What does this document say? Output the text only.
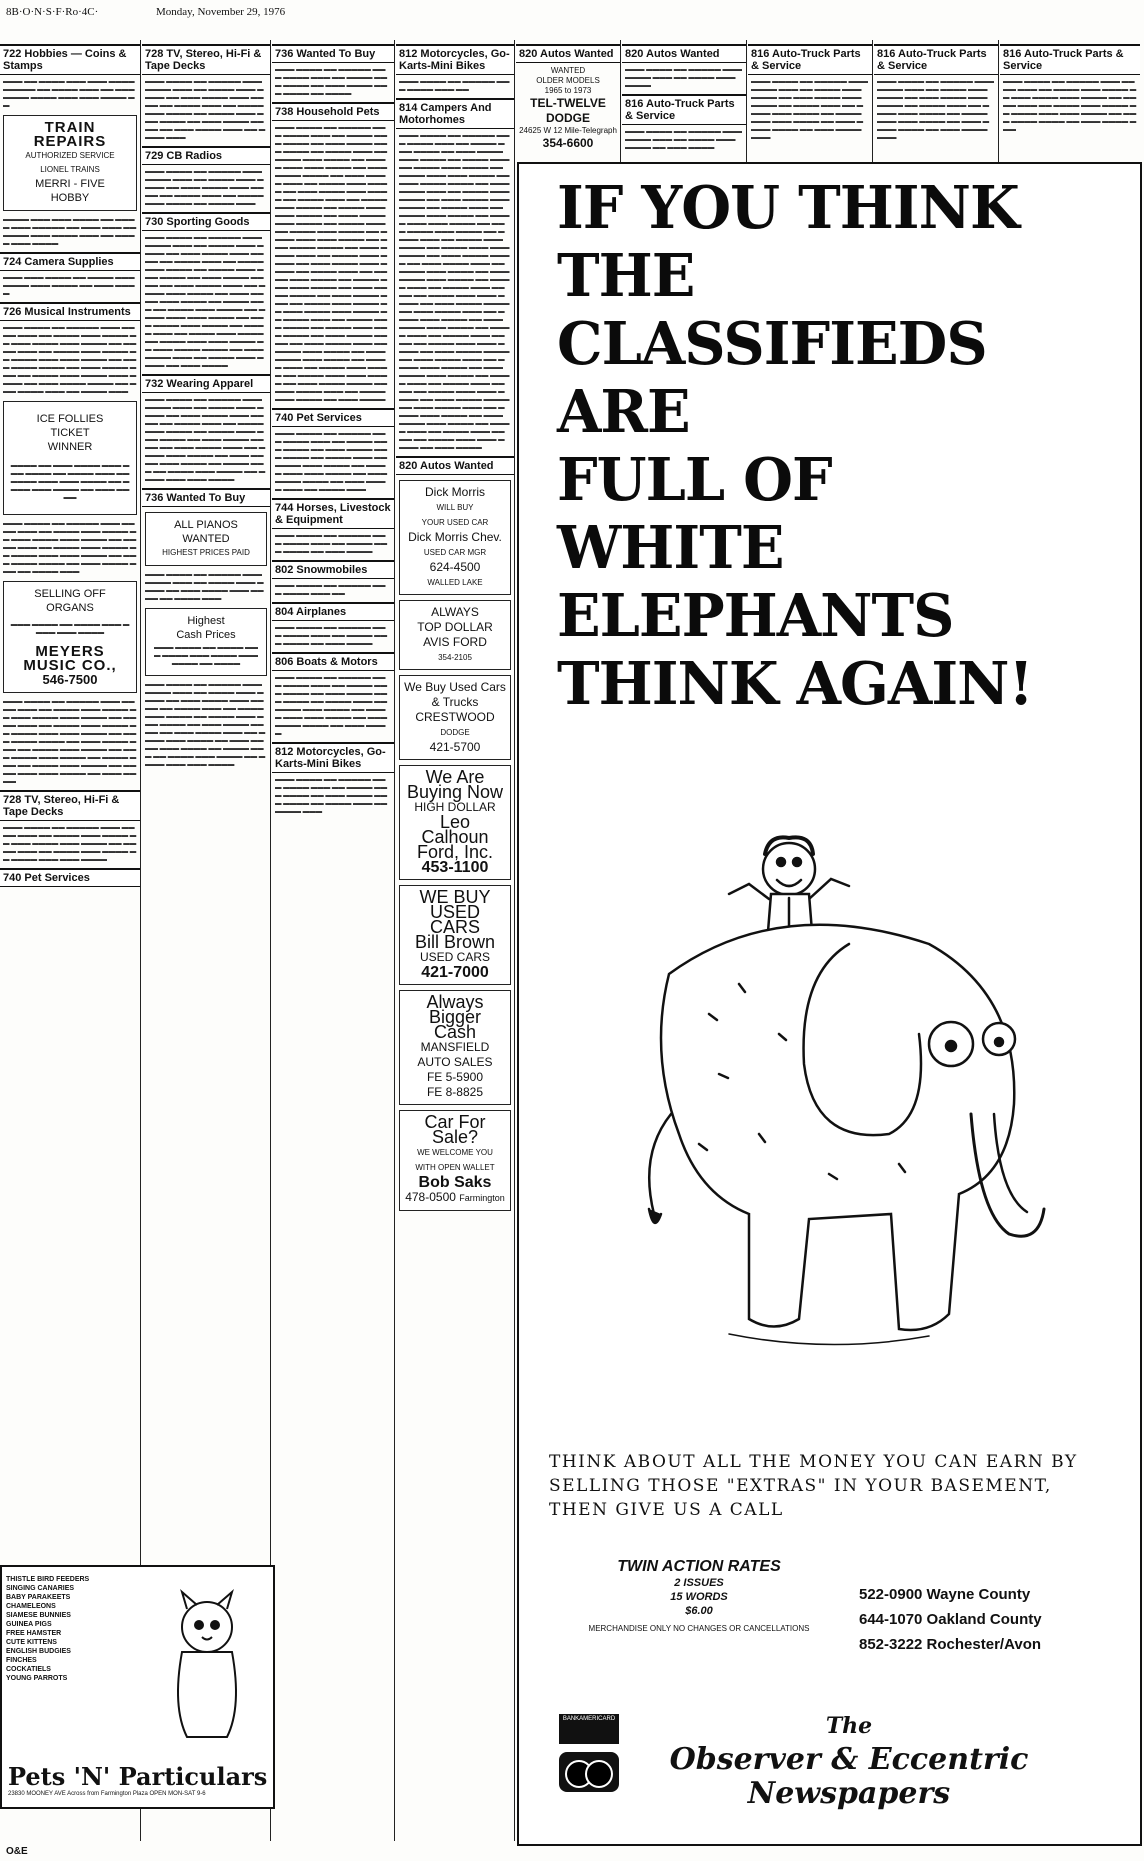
8B·O·N·S·F·Ro·4C·	Monday, November 29, 1976
722 Hobbies — Coins & Stamps
▬▬▬ ▬▬ ▬▬▬▬ ▬▬▬ ▬▬▬ ▬▬▬▬ ▬▬▬▬▬ ▬▬ ▬▬▬▬ ▬▬▬ ▬▬ ▬▬▬ ▬▬▬▬ ▬▬▬▬ ▬▬▬ ▬▬▬ ▬▬▬▬ ▬▬
TRAIN
REPAIRS
AUTHORIZED SERVICE
LIONEL TRAINS
MERRI - FIVE
HOBBY
▬▬▬▬ ▬▬▬ ▬▬▬ ▬▬▬▬ ▬▬ ▬▬▬▬ ▬▬▬ ▬▬▬▬▬ ▬▬ ▬▬▬ ▬▬▬ ▬▬ ▬▬▬▬ ▬▬▬ ▬▬▬▬ ▬▬▬ ▬▬ ▬▬▬▬ ▬▬▬ ▬▬▬▬
724 Camera Supplies
▬▬▬ ▬▬▬ ▬▬▬▬ ▬▬ ▬▬▬▬ ▬▬▬ ▬▬▬▬ ▬▬▬ ▬▬▬▬ ▬▬ ▬▬▬ ▬▬▬▬
726 Musical Instruments
▬▬▬ ▬▬▬▬ ▬▬ ▬▬▬▬▬ ▬▬▬ ▬▬▬▬ ▬▬▬ ▬▬ ▬▬▬▬ ▬▬▬ ▬▬▬▬ ▬▬ ▬▬▬ ▬▬▬▬ ▬▬▬ ▬▬▬▬ ▬▬ ▬▬▬▬ ▬▬▬ ▬▬ ▬▬▬▬ ▬▬▬ ▬▬▬▬ ▬▬ ▬▬▬▬ ▬▬▬ ▬▬▬ ▬▬▬▬ ▬▬ ▬▬▬ ▬▬▬▬ ▬▬▬▬ ▬▬ ▬▬▬ ▬▬▬▬ ▬▬▬ ▬▬ ▬▬▬▬ ▬▬▬ ▬▬▬▬ ▬▬▬ ▬▬▬▬ ▬▬ ▬▬▬ ▬▬▬▬ ▬▬▬▬ ▬▬ ▬▬▬ ▬▬▬▬ ▬▬▬ ▬▬ ▬▬▬▬ ▬▬▬
ICE FOLLIES
TICKET
WINNER
▬▬▬▬ ▬▬ ▬▬▬ ▬▬▬▬ ▬▬▬ ▬▬▬ ▬▬▬▬ ▬▬ ▬▬▬▬ ▬▬▬ ▬▬ ▬▬▬▬ ▬▬▬ ▬▬▬ ▬▬▬▬ ▬▬ ▬▬▬▬ ▬▬▬ ▬▬▬▬ ▬▬ ▬▬▬ ▬▬▬▬
▬▬▬ ▬▬▬▬ ▬▬ ▬▬▬▬▬ ▬▬▬ ▬▬▬▬ ▬▬▬ ▬▬ ▬▬▬▬ ▬▬▬ ▬▬▬▬ ▬▬ ▬▬▬ ▬▬▬▬ ▬▬▬ ▬▬▬▬ ▬▬ ▬▬▬▬ ▬▬▬ ▬▬ ▬▬▬▬ ▬▬▬ ▬▬▬▬ ▬▬ ▬▬▬▬ ▬▬▬ ▬▬▬ ▬▬▬▬ ▬▬ ▬▬▬ ▬▬▬▬ ▬▬▬▬ ▬▬ ▬▬▬ ▬▬▬▬ ▬▬▬ ▬▬ ▬▬▬▬ ▬▬▬
SELLING OFF
ORGANS
▬▬▬ ▬▬▬▬ ▬▬ ▬▬▬▬ ▬▬▬ ▬▬▬▬ ▬▬▬ ▬▬▬▬
MEYERS
MUSIC CO.,
546-7500
▬▬▬ ▬▬▬▬ ▬▬ ▬▬▬▬▬ ▬▬▬ ▬▬▬▬ ▬▬▬ ▬▬ ▬▬▬▬ ▬▬▬ ▬▬▬▬ ▬▬ ▬▬▬ ▬▬▬▬ ▬▬▬ ▬▬▬▬ ▬▬ ▬▬▬▬ ▬▬▬ ▬▬ ▬▬▬▬ ▬▬▬ ▬▬▬▬ ▬▬ ▬▬▬▬ ▬▬▬ ▬▬▬ ▬▬▬▬ ▬▬ ▬▬▬ ▬▬▬▬ ▬▬▬▬ ▬▬ ▬▬▬ ▬▬▬▬ ▬▬▬ ▬▬ ▬▬▬▬ ▬▬▬ ▬▬▬▬ ▬▬ ▬▬▬ ▬▬▬▬ ▬▬▬ ▬▬▬▬ ▬▬ ▬▬▬▬ ▬▬▬ ▬▬ ▬▬▬▬ ▬▬▬ ▬▬▬▬ ▬▬ ▬▬▬▬ ▬▬▬ ▬▬▬ ▬▬▬▬ ▬▬ ▬▬▬ ▬▬▬▬
728 TV, Stereo, Hi-Fi & Tape Decks
▬▬▬ ▬▬▬▬ ▬▬ ▬▬▬▬▬ ▬▬▬ ▬▬▬▬ ▬▬▬ ▬▬ ▬▬▬▬ ▬▬▬ ▬▬▬▬ ▬▬ ▬▬▬ ▬▬▬▬ ▬▬▬ ▬▬▬▬ ▬▬ ▬▬▬▬ ▬▬▬ ▬▬ ▬▬▬▬ ▬▬▬ ▬▬▬▬ ▬▬ ▬▬▬▬ ▬▬▬ ▬▬▬ ▬▬▬▬
740 Pet Services
728 TV, Stereo, Hi-Fi & Tape Decks
▬▬▬ ▬▬▬▬ ▬▬ ▬▬▬▬▬ ▬▬▬ ▬▬▬▬ ▬▬▬ ▬▬ ▬▬▬▬ ▬▬▬ ▬▬▬▬ ▬▬ ▬▬▬ ▬▬▬▬ ▬▬▬ ▬▬▬▬ ▬▬ ▬▬▬▬ ▬▬▬ ▬▬ ▬▬▬▬ ▬▬▬ ▬▬▬▬ ▬▬ ▬▬▬▬ ▬▬▬ ▬▬▬ ▬▬▬▬ ▬▬ ▬▬▬ ▬▬▬▬ ▬▬▬▬ ▬▬ ▬▬▬ ▬▬▬▬ ▬▬▬ ▬▬ ▬▬▬▬ ▬▬▬
729 CB Radios
▬▬▬ ▬▬▬▬ ▬▬ ▬▬▬▬▬ ▬▬▬ ▬▬▬▬ ▬▬▬ ▬▬ ▬▬▬▬ ▬▬▬ ▬▬▬▬ ▬▬ ▬▬▬ ▬▬▬▬ ▬▬▬ ▬▬▬▬ ▬▬ ▬▬▬▬ ▬▬▬ ▬▬ ▬▬▬▬ ▬▬▬ ▬▬▬▬ ▬▬ ▬▬▬▬ ▬▬▬
730 Sporting Goods
▬▬▬ ▬▬▬▬ ▬▬ ▬▬▬▬▬ ▬▬▬ ▬▬▬▬ ▬▬▬ ▬▬ ▬▬▬▬ ▬▬▬ ▬▬▬▬ ▬▬ ▬▬▬ ▬▬▬▬ ▬▬▬ ▬▬▬▬ ▬▬ ▬▬▬▬ ▬▬▬ ▬▬ ▬▬▬▬ ▬▬▬ ▬▬▬▬ ▬▬ ▬▬▬▬ ▬▬▬ ▬▬▬ ▬▬▬▬ ▬▬ ▬▬▬ ▬▬▬▬ ▬▬▬▬ ▬▬ ▬▬▬ ▬▬▬▬ ▬▬▬ ▬▬ ▬▬▬▬ ▬▬▬ ▬▬▬▬ ▬▬ ▬▬▬ ▬▬▬▬ ▬▬▬ ▬▬▬▬ ▬▬ ▬▬▬▬ ▬▬▬ ▬▬ ▬▬▬▬ ▬▬▬ ▬▬▬▬ ▬▬ ▬▬▬▬ ▬▬▬ ▬▬▬ ▬▬▬▬ ▬▬ ▬▬▬ ▬▬▬▬ ▬▬▬ ▬▬▬▬ ▬▬ ▬▬▬▬ ▬▬▬ ▬▬ ▬▬▬▬ ▬▬▬ ▬▬▬▬ ▬▬ ▬▬▬▬ ▬▬▬ ▬▬▬ ▬▬▬▬ ▬▬ ▬▬▬ ▬▬▬▬ ▬▬▬▬ ▬▬ ▬▬▬ ▬▬▬▬ ▬▬▬ ▬▬ ▬▬▬▬ ▬▬▬ ▬▬▬▬ ▬▬ ▬▬▬ ▬▬▬▬
732 Wearing Apparel
▬▬▬ ▬▬▬▬ ▬▬ ▬▬▬▬▬ ▬▬▬ ▬▬▬▬ ▬▬▬ ▬▬ ▬▬▬▬ ▬▬▬ ▬▬▬▬ ▬▬ ▬▬▬ ▬▬▬▬ ▬▬▬ ▬▬▬▬ ▬▬ ▬▬▬▬ ▬▬▬ ▬▬ ▬▬▬▬ ▬▬▬ ▬▬▬▬ ▬▬ ▬▬▬▬ ▬▬▬ ▬▬▬ ▬▬▬▬ ▬▬ ▬▬▬ ▬▬▬▬ ▬▬▬▬ ▬▬ ▬▬▬ ▬▬▬▬ ▬▬▬ ▬▬ ▬▬▬▬ ▬▬▬ ▬▬▬▬ ▬▬ ▬▬▬ ▬▬▬▬ ▬▬▬ ▬▬▬▬ ▬▬ ▬▬▬▬ ▬▬▬ ▬▬ ▬▬▬▬ ▬▬▬ ▬▬▬▬ ▬▬ ▬▬▬▬ ▬▬▬ ▬▬▬ ▬▬▬▬
736 Wanted To Buy
ALL PIANOS WANTED
HIGHEST PRICES PAID
▬▬▬ ▬▬▬▬ ▬▬ ▬▬▬▬▬ ▬▬▬ ▬▬▬▬ ▬▬▬ ▬▬ ▬▬▬▬ ▬▬▬ ▬▬▬▬ ▬▬ ▬▬▬ ▬▬▬▬ ▬▬▬ ▬▬▬▬ ▬▬ ▬▬▬▬ ▬▬▬
Highest
Cash Prices
▬▬▬ ▬▬▬▬ ▬▬ ▬▬▬▬ ▬▬▬ ▬▬▬▬ ▬▬▬ ▬▬▬▬ ▬▬▬ ▬▬▬▬ ▬▬ ▬▬▬▬
▬▬▬ ▬▬▬▬ ▬▬ ▬▬▬▬▬ ▬▬▬ ▬▬▬▬ ▬▬▬ ▬▬ ▬▬▬▬ ▬▬▬ ▬▬▬▬ ▬▬ ▬▬▬ ▬▬▬▬ ▬▬▬ ▬▬▬▬ ▬▬ ▬▬▬▬ ▬▬▬ ▬▬ ▬▬▬▬ ▬▬▬ ▬▬▬▬ ▬▬ ▬▬▬▬ ▬▬▬ ▬▬▬ ▬▬▬▬ ▬▬ ▬▬▬ ▬▬▬▬ ▬▬▬▬ ▬▬ ▬▬▬ ▬▬▬▬ ▬▬▬ ▬▬ ▬▬▬▬ ▬▬▬ ▬▬▬▬ ▬▬ ▬▬▬ ▬▬▬▬ ▬▬▬ ▬▬▬▬ ▬▬ ▬▬▬▬ ▬▬▬ ▬▬ ▬▬▬▬ ▬▬▬ ▬▬▬▬ ▬▬ ▬▬▬▬ ▬▬▬ ▬▬▬ ▬▬▬▬
736 Wanted To Buy
▬▬▬ ▬▬▬▬ ▬▬ ▬▬▬▬▬ ▬▬▬ ▬▬▬▬ ▬▬▬ ▬▬ ▬▬▬▬ ▬▬▬ ▬▬▬▬ ▬▬ ▬▬▬ ▬▬▬▬ ▬▬▬ ▬▬▬▬ ▬▬ ▬▬▬▬
738 Household Pets
▬▬▬ ▬▬▬▬ ▬▬ ▬▬▬▬▬ ▬▬▬ ▬▬▬▬ ▬▬▬ ▬▬ ▬▬▬▬ ▬▬▬ ▬▬▬▬ ▬▬ ▬▬▬ ▬▬▬▬ ▬▬▬ ▬▬▬▬ ▬▬ ▬▬▬▬ ▬▬▬ ▬▬ ▬▬▬▬ ▬▬▬ ▬▬▬▬ ▬▬ ▬▬▬▬ ▬▬▬ ▬▬▬ ▬▬▬▬ ▬▬ ▬▬▬ ▬▬▬▬ ▬▬▬▬ ▬▬ ▬▬▬ ▬▬▬▬ ▬▬▬ ▬▬ ▬▬▬▬ ▬▬▬ ▬▬▬▬ ▬▬ ▬▬▬ ▬▬▬▬ ▬▬▬ ▬▬▬▬ ▬▬ ▬▬▬▬ ▬▬▬ ▬▬ ▬▬▬▬ ▬▬▬ ▬▬▬▬ ▬▬ ▬▬▬▬ ▬▬▬ ▬▬▬ ▬▬▬▬ ▬▬ ▬▬▬ ▬▬▬▬ ▬▬▬ ▬▬▬▬ ▬▬ ▬▬▬▬ ▬▬▬ ▬▬ ▬▬▬▬ ▬▬▬ ▬▬▬▬ ▬▬ ▬▬▬▬ ▬▬▬ ▬▬▬ ▬▬▬▬ ▬▬ ▬▬▬ ▬▬▬▬ ▬▬▬▬ ▬▬ ▬▬▬ ▬▬▬▬ ▬▬▬ ▬▬ ▬▬▬▬ ▬▬▬ ▬▬▬▬ ▬▬ ▬▬▬ ▬▬▬▬ ▬▬▬ ▬▬▬▬ ▬▬ ▬▬▬▬ ▬▬▬ ▬▬ ▬▬▬▬ ▬▬▬ ▬▬▬▬ ▬▬ ▬▬▬▬ ▬▬▬ ▬▬▬ ▬▬▬▬ ▬▬ ▬▬▬ ▬▬▬▬ ▬▬▬▬ ▬▬ ▬▬▬ ▬▬▬▬ ▬▬▬ ▬▬ ▬▬▬▬ ▬▬▬ ▬▬▬▬ ▬▬ ▬▬▬ ▬▬▬▬ ▬▬▬ ▬▬▬▬ ▬▬ ▬▬▬▬ ▬▬▬ ▬▬ ▬▬▬▬ ▬▬▬ ▬▬▬▬ ▬▬ ▬▬▬▬ ▬▬▬ ▬▬▬ ▬▬▬▬ ▬▬ ▬▬▬ ▬▬▬▬ ▬▬▬▬ ▬▬ ▬▬▬ ▬▬▬▬ ▬▬▬ ▬▬ ▬▬▬▬ ▬▬▬ ▬▬▬▬ ▬▬ ▬▬▬ ▬▬▬▬ ▬▬▬ ▬▬▬▬ ▬▬ ▬▬▬▬ ▬▬▬ ▬▬ ▬▬▬▬ ▬▬▬ ▬▬▬▬ ▬▬ ▬▬▬▬ ▬▬▬ ▬▬▬ ▬▬▬▬ ▬▬ ▬▬▬ ▬▬▬▬ ▬▬▬▬ ▬▬ ▬▬▬ ▬▬▬▬ ▬▬▬ ▬▬ ▬▬▬▬ ▬▬▬ ▬▬▬▬ ▬▬ ▬▬▬ ▬▬▬▬
740 Pet Services
▬▬▬ ▬▬▬▬ ▬▬ ▬▬▬▬▬ ▬▬▬ ▬▬▬▬ ▬▬▬ ▬▬ ▬▬▬▬ ▬▬▬ ▬▬▬▬ ▬▬ ▬▬▬ ▬▬▬▬ ▬▬▬ ▬▬▬▬ ▬▬ ▬▬▬▬ ▬▬▬ ▬▬ ▬▬▬▬ ▬▬▬ ▬▬▬▬ ▬▬ ▬▬▬▬ ▬▬▬ ▬▬▬ ▬▬▬▬ ▬▬ ▬▬▬ ▬▬▬▬ ▬▬▬▬ ▬▬ ▬▬▬ ▬▬▬▬ ▬▬▬ ▬▬ ▬▬▬▬ ▬▬▬
744 Horses, Livestock & Equipment
▬▬▬ ▬▬▬▬ ▬▬ ▬▬▬▬▬ ▬▬▬ ▬▬▬▬ ▬▬▬ ▬▬ ▬▬▬▬ ▬▬▬ ▬▬▬▬ ▬▬ ▬▬▬ ▬▬▬▬
802 Snowmobiles
▬▬▬ ▬▬▬▬ ▬▬ ▬▬▬▬▬ ▬▬▬ ▬▬▬▬ ▬▬▬ ▬▬
804 Airplanes
▬▬▬ ▬▬▬▬ ▬▬ ▬▬▬▬▬ ▬▬▬ ▬▬▬▬ ▬▬▬ ▬▬ ▬▬▬▬ ▬▬▬ ▬▬▬▬ ▬▬ ▬▬▬ ▬▬▬▬
806 Boats & Motors
▬▬▬ ▬▬▬▬ ▬▬ ▬▬▬▬▬ ▬▬▬ ▬▬▬▬ ▬▬▬ ▬▬ ▬▬▬▬ ▬▬▬ ▬▬▬▬ ▬▬ ▬▬▬ ▬▬▬▬ ▬▬▬ ▬▬▬▬ ▬▬ ▬▬▬▬ ▬▬▬ ▬▬ ▬▬▬▬ ▬▬▬ ▬▬▬▬ ▬▬ ▬▬▬▬ ▬▬▬ ▬▬▬ ▬▬▬▬ ▬▬ ▬▬▬ ▬▬▬▬ ▬▬▬▬ ▬▬ ▬▬▬ ▬▬▬▬
812 Motorcycles, Go-Karts-Mini Bikes
▬▬▬ ▬▬▬▬ ▬▬ ▬▬▬▬▬ ▬▬▬ ▬▬▬▬ ▬▬▬ ▬▬ ▬▬▬▬ ▬▬▬ ▬▬▬▬ ▬▬ ▬▬▬ ▬▬▬▬ ▬▬▬ ▬▬▬▬ ▬▬ ▬▬▬▬ ▬▬▬ ▬▬ ▬▬▬▬ ▬▬▬
812 Motorcycles, Go-Karts-Mini Bikes
▬▬▬ ▬▬▬▬ ▬▬ ▬▬▬▬▬ ▬▬▬ ▬▬▬▬ ▬▬▬ ▬▬
814 Campers And Motorhomes
▬▬▬ ▬▬▬▬ ▬▬ ▬▬▬▬▬ ▬▬▬ ▬▬▬▬ ▬▬▬ ▬▬ ▬▬▬▬ ▬▬▬ ▬▬▬▬ ▬▬ ▬▬▬ ▬▬▬▬ ▬▬▬ ▬▬▬▬ ▬▬ ▬▬▬▬ ▬▬▬ ▬▬ ▬▬▬▬ ▬▬▬ ▬▬▬▬ ▬▬ ▬▬▬▬ ▬▬▬ ▬▬▬ ▬▬▬▬ ▬▬ ▬▬▬ ▬▬▬▬ ▬▬▬▬ ▬▬ ▬▬▬ ▬▬▬▬ ▬▬▬ ▬▬ ▬▬▬▬ ▬▬▬ ▬▬▬▬ ▬▬ ▬▬▬ ▬▬▬▬ ▬▬▬ ▬▬▬▬ ▬▬ ▬▬▬▬ ▬▬▬ ▬▬ ▬▬▬▬ ▬▬▬ ▬▬▬▬ ▬▬ ▬▬▬▬ ▬▬▬ ▬▬▬ ▬▬▬▬ ▬▬ ▬▬▬ ▬▬▬▬ ▬▬▬ ▬▬▬▬ ▬▬ ▬▬▬▬ ▬▬▬ ▬▬ ▬▬▬▬ ▬▬▬ ▬▬▬▬ ▬▬ ▬▬▬▬ ▬▬▬ ▬▬▬ ▬▬▬▬ ▬▬ ▬▬▬ ▬▬▬▬ ▬▬▬▬ ▬▬ ▬▬▬ ▬▬▬▬ ▬▬▬ ▬▬ ▬▬▬▬ ▬▬▬ ▬▬▬▬ ▬▬ ▬▬▬ ▬▬▬▬ ▬▬▬ ▬▬▬▬ ▬▬ ▬▬▬▬ ▬▬▬ ▬▬ ▬▬▬▬ ▬▬▬ ▬▬▬▬ ▬▬ ▬▬▬▬ ▬▬▬ ▬▬▬ ▬▬▬▬ ▬▬ ▬▬▬ ▬▬▬▬ ▬▬▬▬ ▬▬ ▬▬▬ ▬▬▬▬ ▬▬▬ ▬▬ ▬▬▬▬ ▬▬▬ ▬▬▬▬ ▬▬ ▬▬▬ ▬▬▬▬ ▬▬▬ ▬▬▬▬ ▬▬ ▬▬▬▬ ▬▬▬ ▬▬ ▬▬▬▬ ▬▬▬ ▬▬▬▬ ▬▬ ▬▬▬▬ ▬▬▬ ▬▬▬ ▬▬▬▬ ▬▬ ▬▬▬ ▬▬▬▬ ▬▬▬▬ ▬▬ ▬▬▬ ▬▬▬▬ ▬▬▬ ▬▬ ▬▬▬▬ ▬▬▬ ▬▬▬▬ ▬▬ ▬▬▬ ▬▬▬▬ ▬▬▬ ▬▬▬▬ ▬▬ ▬▬▬▬ ▬▬▬ ▬▬ ▬▬▬▬ ▬▬▬ ▬▬▬▬ ▬▬ ▬▬▬▬ ▬▬▬ ▬▬▬ ▬▬▬▬ ▬▬ ▬▬▬ ▬▬▬▬ ▬▬▬▬ ▬▬ ▬▬▬ ▬▬▬▬ ▬▬▬ ▬▬ ▬▬▬▬ ▬▬▬ ▬▬▬▬ ▬▬ ▬▬▬ ▬▬▬▬ ▬▬▬ ▬▬▬▬ ▬▬ ▬▬▬▬ ▬▬▬ ▬▬ ▬▬▬▬ ▬▬▬ ▬▬▬▬ ▬▬ ▬▬▬▬ ▬▬▬ ▬▬▬ ▬▬▬▬ ▬▬ ▬▬▬ ▬▬▬▬
820 Autos Wanted
Dick Morris
WILL BUY
YOUR USED CAR
Dick Morris Chev.
USED CAR MGR
624-4500
WALLED LAKE
ALWAYS
TOP DOLLAR
AVIS FORD
354-2105
We Buy Used Cars
& Trucks
CRESTWOOD
DODGE
421-5700
We Are
Buying Now
HIGH DOLLAR
Leo Calhoun
Ford, Inc.
453-1100
WE BUY
USED CARS
Bill Brown
USED CARS
421-7000
Always
Bigger
Cash
MANSFIELD
AUTO SALES
FE 5-5900
FE 8-8825
Car For Sale?
WE WELCOME YOU
WITH OPEN WALLET
Bob Saks
478-0500 Farmington
820 Autos Wanted
WANTED
OLDER MODELS
1965 to 1973
TEL-TWELVE
DODGE
24625 W 12 Mile-Telegraph
354-6600
820 Autos Wanted
▬▬▬ ▬▬▬▬ ▬▬ ▬▬▬▬▬ ▬▬▬ ▬▬▬▬ ▬▬▬ ▬▬ ▬▬▬▬ ▬▬▬ ▬▬▬▬
816 Auto-Truck Parts & Service
▬▬▬ ▬▬▬▬ ▬▬ ▬▬▬▬▬ ▬▬▬ ▬▬▬▬ ▬▬▬ ▬▬ ▬▬▬▬ ▬▬▬ ▬▬▬▬ ▬▬ ▬▬▬ ▬▬▬▬
816 Auto-Truck Parts & Service
▬▬▬ ▬▬▬▬ ▬▬ ▬▬▬▬▬ ▬▬▬ ▬▬▬▬ ▬▬▬ ▬▬ ▬▬▬▬ ▬▬▬ ▬▬▬▬ ▬▬ ▬▬▬ ▬▬▬▬ ▬▬▬ ▬▬▬▬ ▬▬ ▬▬▬▬ ▬▬▬ ▬▬ ▬▬▬▬ ▬▬▬ ▬▬▬▬ ▬▬ ▬▬▬▬ ▬▬▬ ▬▬▬ ▬▬▬▬ ▬▬ ▬▬▬ ▬▬▬▬ ▬▬▬▬ ▬▬ ▬▬▬ ▬▬▬▬ ▬▬▬
816 Auto-Truck Parts & Service
▬▬▬ ▬▬▬▬ ▬▬ ▬▬▬▬▬ ▬▬▬ ▬▬▬▬ ▬▬▬ ▬▬ ▬▬▬▬ ▬▬▬ ▬▬▬▬ ▬▬ ▬▬▬ ▬▬▬▬ ▬▬▬ ▬▬▬▬ ▬▬ ▬▬▬▬ ▬▬▬ ▬▬ ▬▬▬▬ ▬▬▬ ▬▬▬▬ ▬▬ ▬▬▬▬ ▬▬▬ ▬▬▬ ▬▬▬▬ ▬▬ ▬▬▬ ▬▬▬▬ ▬▬▬▬ ▬▬ ▬▬▬ ▬▬▬▬ ▬▬▬
816 Auto-Truck Parts & Service
▬▬▬ ▬▬▬▬ ▬▬ ▬▬▬▬▬ ▬▬▬ ▬▬▬▬ ▬▬▬ ▬▬ ▬▬▬▬ ▬▬▬ ▬▬▬▬ ▬▬ ▬▬▬ ▬▬▬▬ ▬▬▬ ▬▬▬▬ ▬▬ ▬▬▬▬ ▬▬▬ ▬▬ ▬▬▬▬ ▬▬▬ ▬▬▬▬ ▬▬ ▬▬▬▬ ▬▬▬ ▬▬▬ ▬▬▬▬ ▬▬ ▬▬▬ ▬▬▬▬ ▬▬▬▬ ▬▬ ▬▬▬ ▬▬▬▬ ▬▬▬
IF YOU THINK
THE
CLASSIFIEDS
ARE
FULL OF
WHITE
ELEPHANTS
THINK AGAIN!
THINK ABOUT ALL THE MONEY YOU CAN EARN BY SELLING THOSE "EXTRAS" IN YOUR BASEMENT, THEN GIVE US A CALL
TWIN ACTION RATES
2 ISSUES
15 WORDS
$6.00
MERCHANDISE ONLY NO CHANGES OR CANCELLATIONS
522-0900 Wayne County
644-1070 Oakland County
852-3222 Rochester/Avon
BANKAMERICARD	The
Observer & Eccentric
Newspapers
THISTLE BIRD FEEDERS
SINGING CANARIES
BABY PARAKEETS
CHAMELEONS
SIAMESE BUNNIES
GUINEA PIGS
FREE HAMSTER
CUTE KITTENS
ENGLISH BUDGIES
FINCHES
COCKATIELS
YOUNG PARROTS
Pets 'N' Particulars
23830 MOONEY AVE Across from Farmington Plaza OPEN MON-SAT 9-6
O&E
